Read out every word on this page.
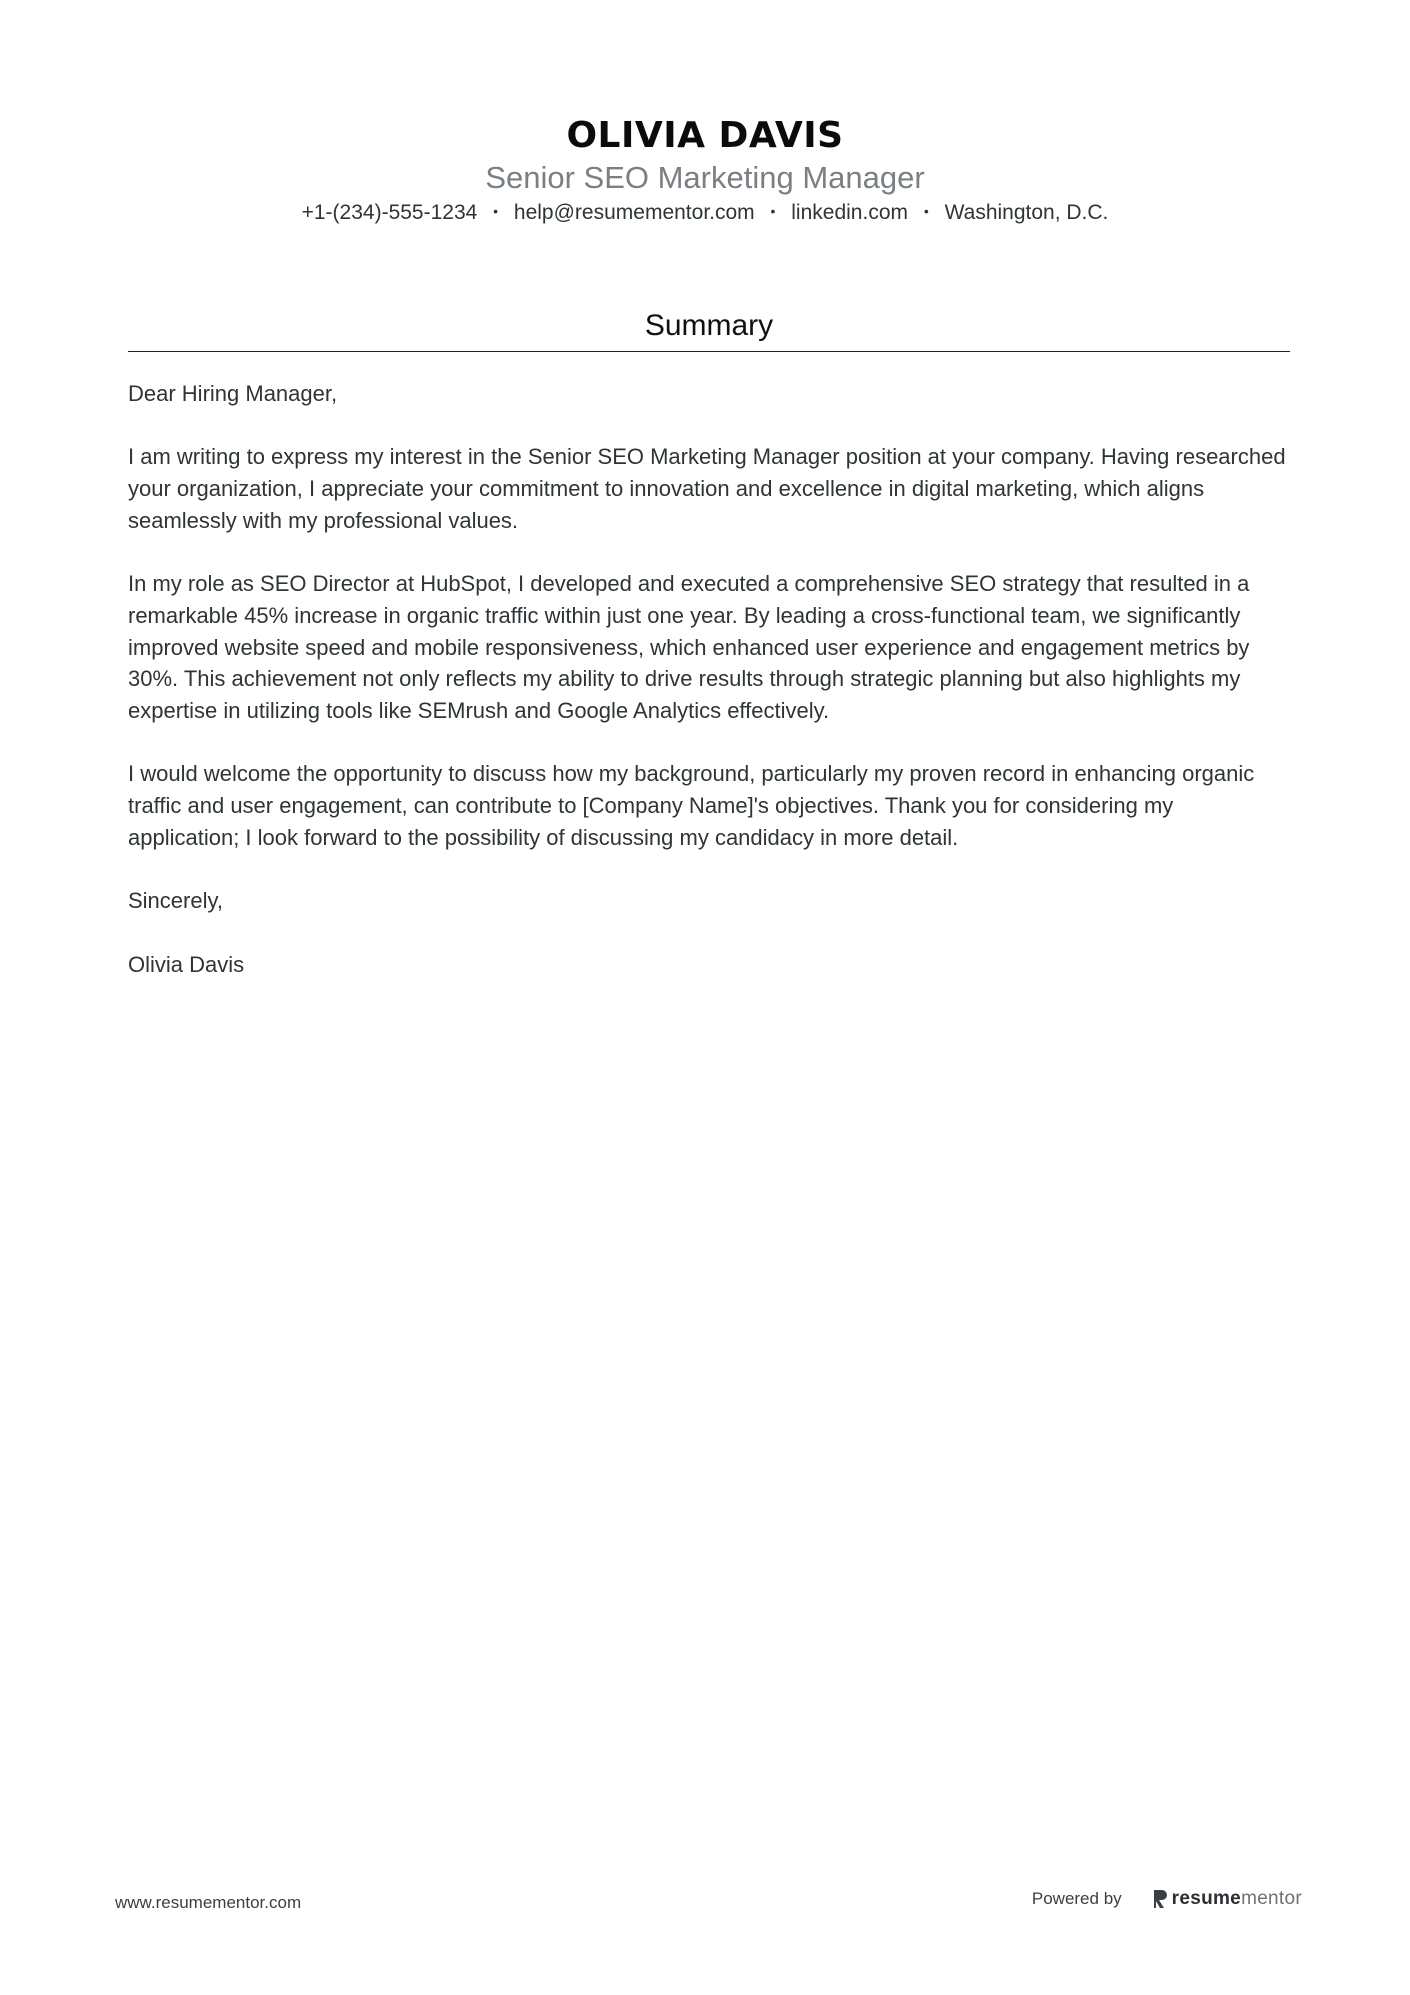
OLIVIA DAVIS
Senior SEO Marketing Manager
+1-(234)-555-1234 • help@resumementor.com • linkedin.com • Washington, D.C.
Summary

Dear Hiring Manager,

I am writing to express my interest in the Senior SEO Marketing Manager position at your company. Having researched your organization, I appreciate your commitment to innovation and excellence in digital marketing, which aligns seamlessly with my professional values.

In my role as SEO Director at HubSpot, I developed and executed a comprehensive SEO strategy that resulted in a remarkable 45% increase in organic traffic within just one year. By leading a cross-functional team, we significantly improved website speed and mobile responsiveness, which enhanced user experience and engagement metrics by 30%. This achievement not only reflects my ability to drive results through strategic planning but also highlights my expertise in utilizing tools like SEMrush and Google Analytics effectively.

I would welcome the opportunity to discuss how my background, particularly my proven record in enhancing organic traffic and user engagement, can contribute to [Company Name]'s objectives. Thank you for considering my application; I look forward to the possibility of discussing my candidacy in more detail.

Sincerely,

Olivia Davis

www.resumementor.com	Powered by	resume mentor
